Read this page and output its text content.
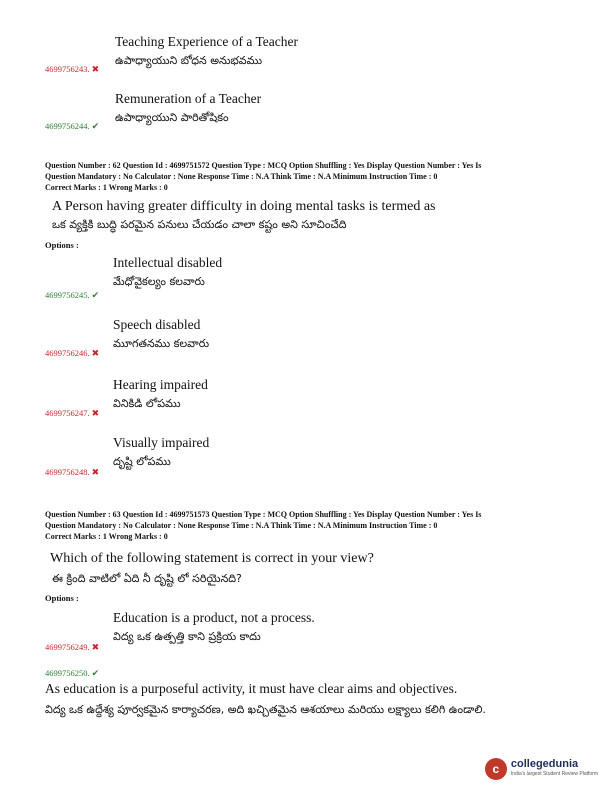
Teaching Experience of a Teacher
ఉపాధ్యాయుని బోధన అనుభవము
4699756243. ✖
Remuneration of a Teacher
ఉపాధ్యాయుని పారితోషికం
4699756244. ✔
Question Number : 62 Question Id : 4699751572 Question Type : MCQ Option Shuffling : Yes Display Question Number : Yes Is
Question Mandatory : No Calculator : None Response Time : N.A Think Time : N.A Minimum Instruction Time : 0
Correct Marks : 1 Wrong Marks : 0
A Person having greater difficulty in doing mental tasks is termed as
ఒక వ్యక్తికి బుద్ధి పరమైన పనులు చేయడం చాలా కష్టం అని సూచించేది
Options :
Intellectual disabled
మేధోవైకల్యం కలవారు
4699756245. ✔
Speech disabled
మూగతనము కలవారు
4699756246. ✖
Hearing impaired
వినికిడి లోపము
4699756247. ✖
Visually impaired
దృష్టి లోపము
4699756248. ✖
Question Number : 63 Question Id : 4699751573 Question Type : MCQ Option Shuffling : Yes Display Question Number : Yes Is
Question Mandatory : No Calculator : None Response Time : N.A Think Time : N.A Minimum Instruction Time : 0
Correct Marks : 1 Wrong Marks : 0
Which of the following statement is correct in your view?
ఈ క్రింది వాటిలో ఏది నీ దృష్టి లో సరియైనది?
Options :
Education is a product, not a process.
విద్య ఒక ఉత్పత్తి కాని ప్రక్రియ కాదు
4699756249. ✖
4699756250. ✔
As education is a purposeful activity, it must have clear aims and objectives.
విద్య ఒక ఉద్దేశ్య పూర్వకమైన కార్యాచరణ, అది ఖచ్చితమైన ఆశయాలు మరియు లక్ష్యాలు కలిగి ఉండాలి.
c	collegedunia
India's largest Student Review Platform
